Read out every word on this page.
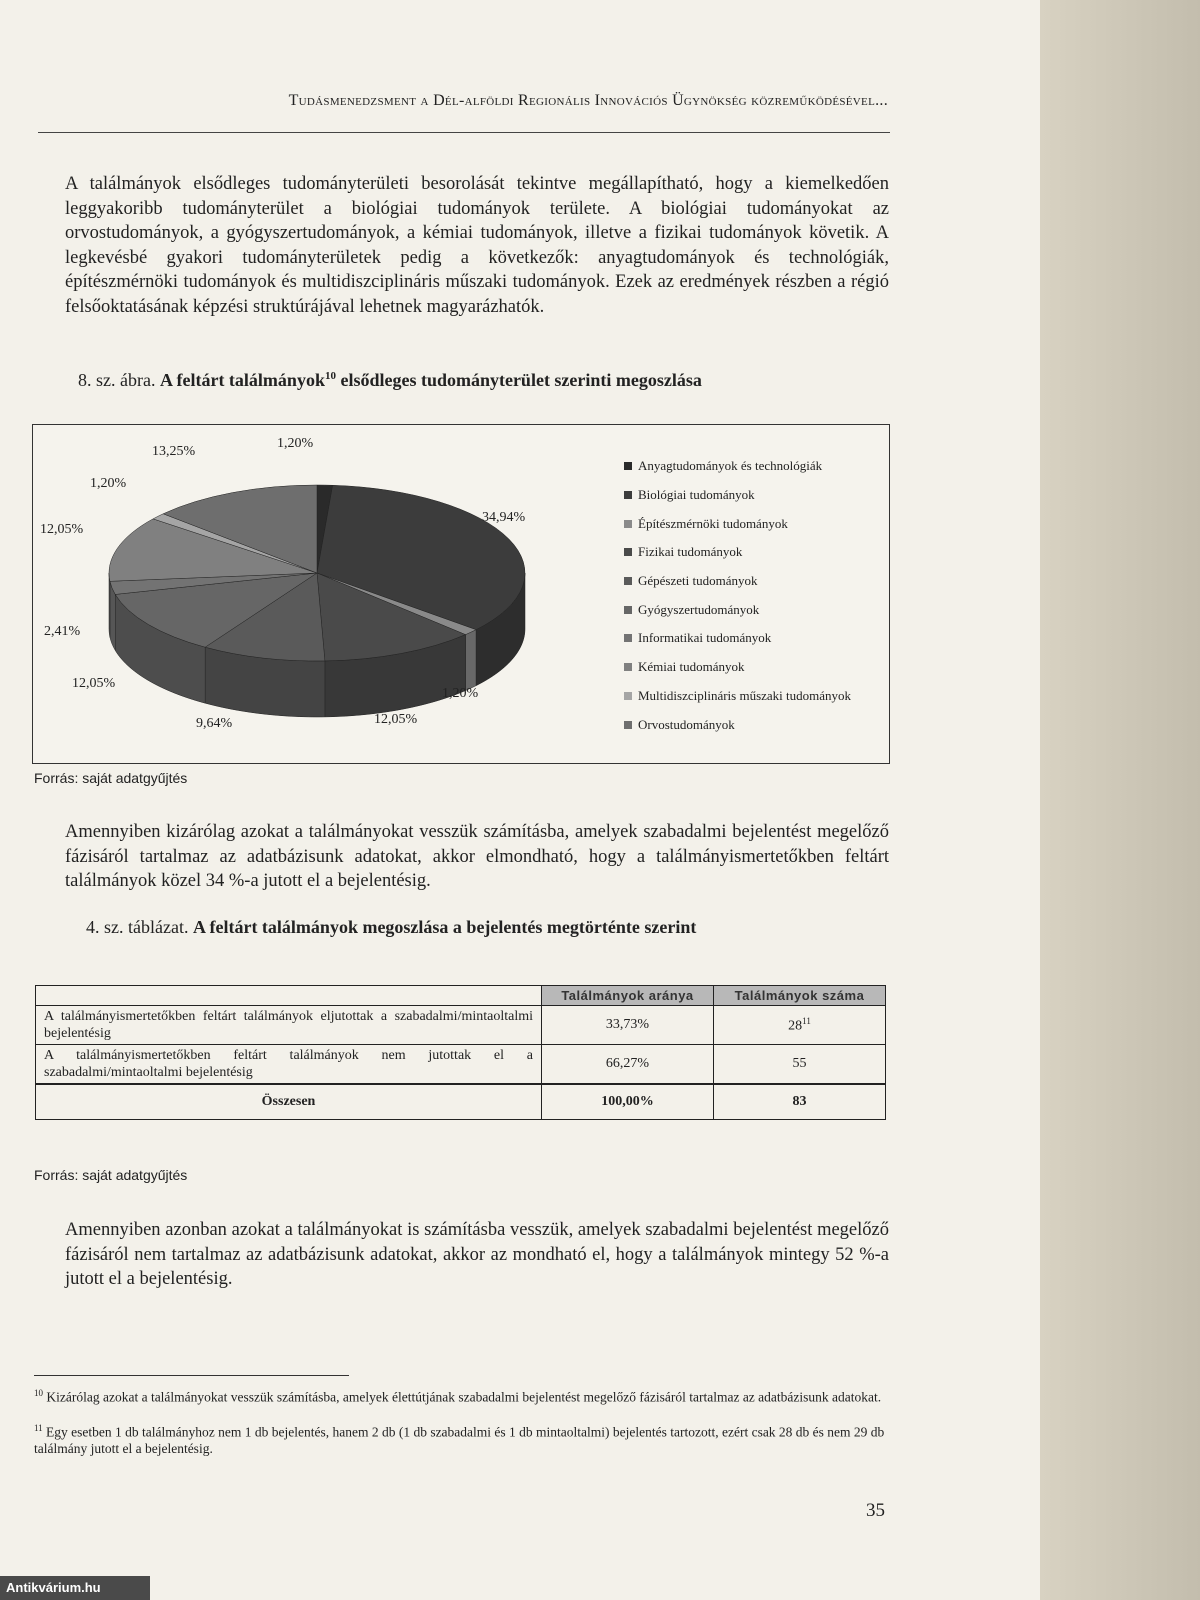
Tudásmenedzsment a Dél-alföldi Regionális Innovációs Ügynökség közreműködésével...

A találmányok elsődleges tudományterületi besorolását tekintve megállapítható, hogy a kiemelkedően leggyakoribb tudományterület a biológiai tudományok területe. A biológiai tudományokat az orvostudományok, a gyógyszertudományok, a kémiai tudományok, illetve a fizikai tudományok követik. A legkevésbé gyakori tudományterületek pedig a következők: anyagtudományok és technológiák, építészmérnöki tudományok és multidiszciplináris műszaki tudományok. Ezek az eredmények részben a régió felsőoktatásának képzési struktúrájával lehetnek magyarázhatók.

8. sz. ábra. A feltárt találmányok$^{10}$ elsődleges tudományterület szerinti megoszlása
13,25%
1,20%
1,20%
34,94%
12,05%
2,41%
12,05%
1,20%
9,64%	12,05%
Anyagtudományok és technológiák
Biológiai tudományok
Építészmérnöki tudományok
Fizikai tudományok
Gépészeti tudományok
Gyógyszertudományok
Informatikai tudományok
Kémiai tudományok
Multidiszciplináris műszaki tudományok
Orvostudományok
Forrás: saját adatgyűjtés

Amennyiben kizárólag azokat a találmányokat vesszük számításba, amelyek szabadalmi bejelentést megelőző fázisáról tartalmaz az adatbázisunk adatokat, akkor elmondható, hogy a találmányismertetőkben feltárt találmányok közel 34 %-a jutott el a bejelentésig.

4. sz. táblázat. A feltárt találmányok megoszlása a bejelentés megtörténte szerint
	Találmányok aránya	Találmányok száma
A találmányismertetőkben feltárt találmányok eljutottak a szabadalmi/mintaoltalmi bejelentésig	33,73%	$28^{11}$
A találmányismertetőkben feltárt találmányok nem jutottak el a szabadalmi/mintaoltalmi bejelentésig	66,27%	55
Összesen	100,00%	83
Forrás: saját adatgyűjtés

Amennyiben azonban azokat a találmányokat is számításba vesszük, amelyek szabadalmi bejelentést megelőző fázisáról nem tartalmaz az adatbázisunk adatokat, akkor az mondható el, hogy a találmányok mintegy 52 %-a jutott el a bejelentésig.

$^{10}$ Kizárólag azokat a találmányokat vesszük számításba, amelyek élettútjának szabadalmi bejelentést megelőző fázisáról tartalmaz az adatbázisunk adatokat.
$^{11}$ Egy esetben 1 db találmányhoz nem 1 db bejelentés, hanem 2 db (1 db szabadalmi és 1 db mintaoltalmi) bejelentés tartozott, ezért csak 28 db és nem 29 db találmány jutott el a bejelentésig.
35
Antikvárium.hu
